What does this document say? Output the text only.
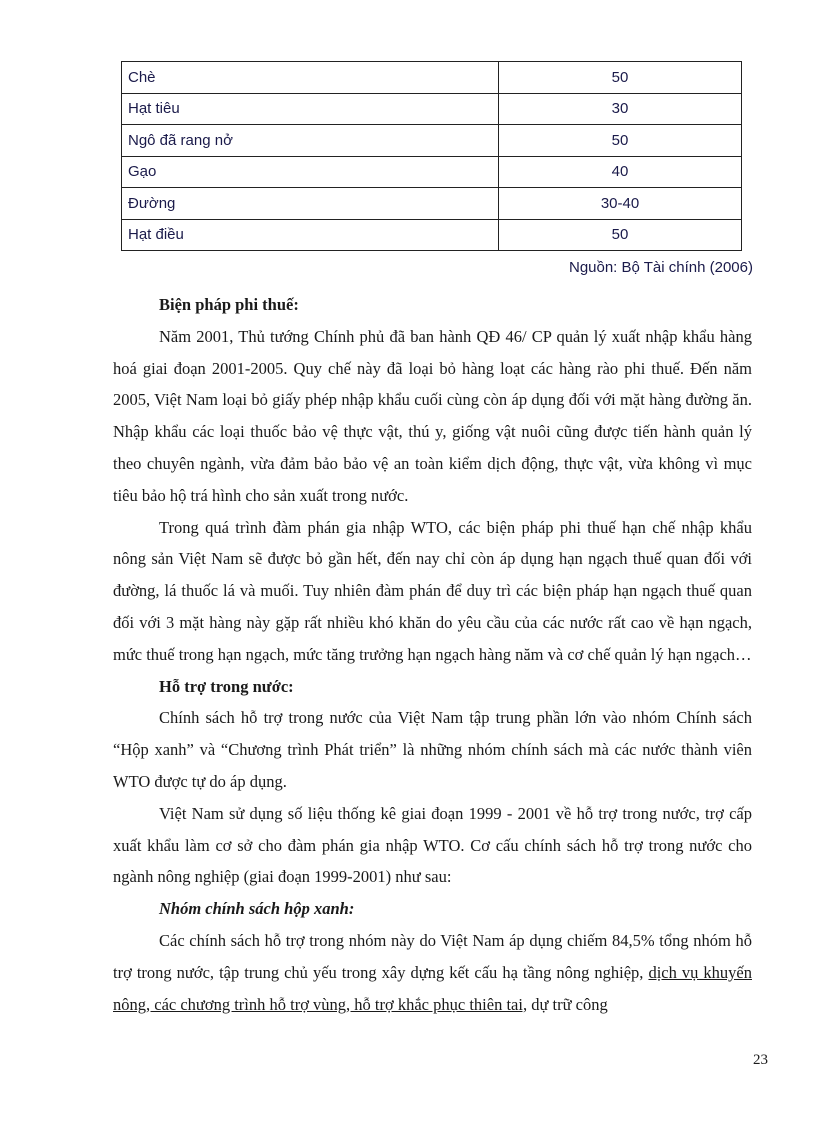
Chè	50
Hạt tiêu	30
Ngô đã rang nở	50
Gạo	40
Đường	30-40
Hạt điều	50
Nguồn: Bộ Tài chính (2006)

Biện pháp phi thuế:

Năm 2001, Thủ tướng Chính phủ đã ban hành QĐ 46/ CP quản lý xuất nhập khẩu hàng hoá giai đoạn 2001-2005. Quy chế này đã loại bỏ hàng loạt các hàng rào phi thuế. Đến năm 2005, Việt Nam loại bỏ giấy phép nhập khẩu cuối cùng còn áp dụng đối với mặt hàng đường ăn. Nhập khẩu các loại thuốc bảo vệ thực vật, thú y, giống vật nuôi cũng được tiến hành quản lý theo chuyên ngành, vừa đảm bảo bảo vệ an toàn kiểm dịch động, thực vật, vừa không vì mục tiêu bảo hộ trá hình cho sản xuất trong nước.

Trong quá trình đàm phán gia nhập WTO, các biện pháp phi thuế hạn chế nhập khẩu nông sản Việt Nam sẽ được bỏ gần hết, đến nay chỉ còn áp dụng hạn ngạch thuế quan đối với đường, lá thuốc lá và muối. Tuy nhiên đàm phán để duy trì các biện pháp hạn ngạch thuế quan đối với 3 mặt hàng này gặp rất nhiều khó khăn do yêu cầu của các nước rất cao về hạn ngạch, mức thuế trong hạn ngạch, mức tăng trưởng hạn ngạch hàng năm và cơ chế quản lý hạn ngạch…

Hỗ trợ trong nước:

Chính sách hỗ trợ trong nước của Việt Nam tập trung phần lớn vào nhóm Chính sách “Hộp xanh” và “Chương trình Phát triển” là những nhóm chính sách mà các nước thành viên WTO được tự do áp dụng.

Việt Nam sử dụng số liệu thống kê giai đoạn 1999 - 2001 về hỗ trợ trong nước, trợ cấp xuất khẩu làm cơ sở cho đàm phán gia nhập WTO. Cơ cấu chính sách hỗ trợ trong nước cho ngành nông nghiệp (giai đoạn 1999-2001) như sau:

Nhóm chính sách hộp xanh:

Các chính sách hỗ trợ trong nhóm này do Việt Nam áp dụng chiếm 84,5% tổng nhóm hỗ trợ trong nước, tập trung chủ yếu trong xây dựng kết cấu hạ tầng nông nghiệp, dịch vụ khuyến nông, các chương trình hỗ trợ vùng, hỗ trợ khắc phục thiên tai, dự trữ công

23
